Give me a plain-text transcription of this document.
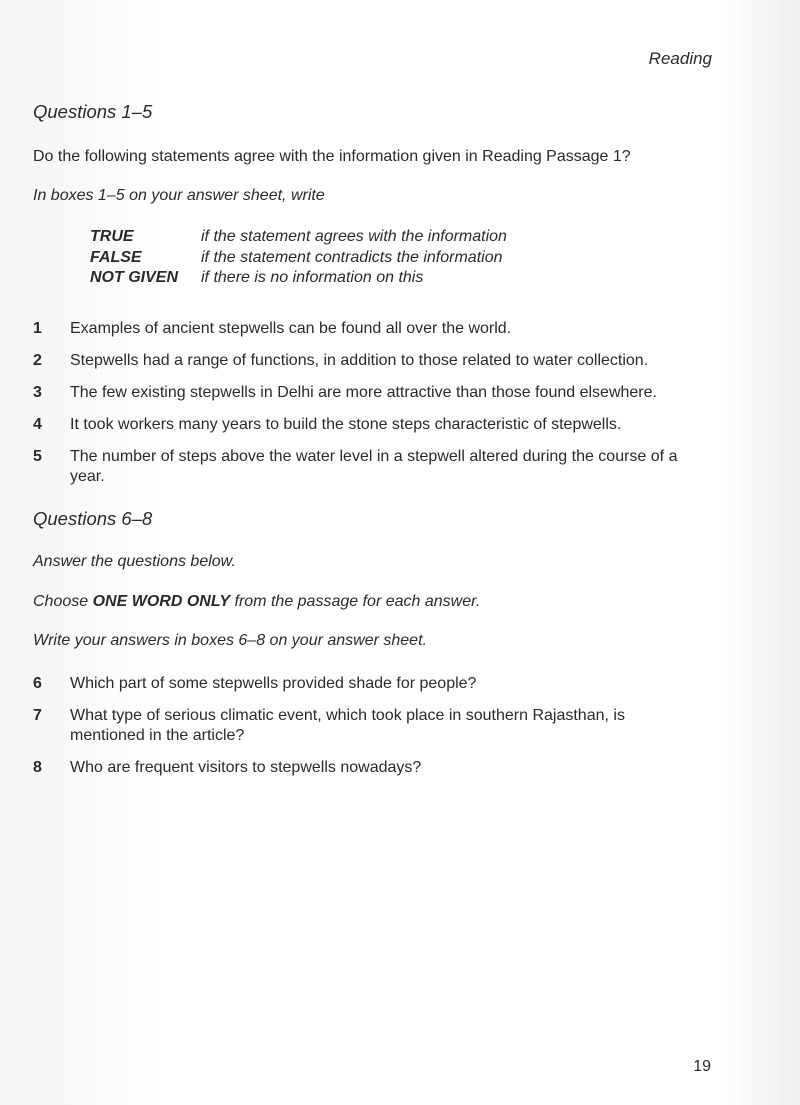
Reading
Questions 1–5
Do the following statements agree with the information given in Reading Passage 1?
In boxes 1–5 on your answer sheet, write
TRUE	if the statement agrees with the information
FALSE	if the statement contradicts the information
NOT GIVEN	if there is no information on this
1	Examples of ancient stepwells can be found all over the world.
2	Stepwells had a range of functions, in addition to those related to water collection.
3	The few existing stepwells in Delhi are more attractive than those found elsewhere.
4	It took workers many years to build the stone steps characteristic of stepwells.
5	The number of steps above the water level in a stepwell altered during the course of a year.
Questions 6–8
Answer the questions below.
Choose ONE WORD ONLY from the passage for each answer.
Write your answers in boxes 6–8 on your answer sheet.
6	Which part of some stepwells provided shade for people?
7	What type of serious climatic event, which took place in southern Rajasthan, is mentioned in the article?
8	Who are frequent visitors to stepwells nowadays?
19
